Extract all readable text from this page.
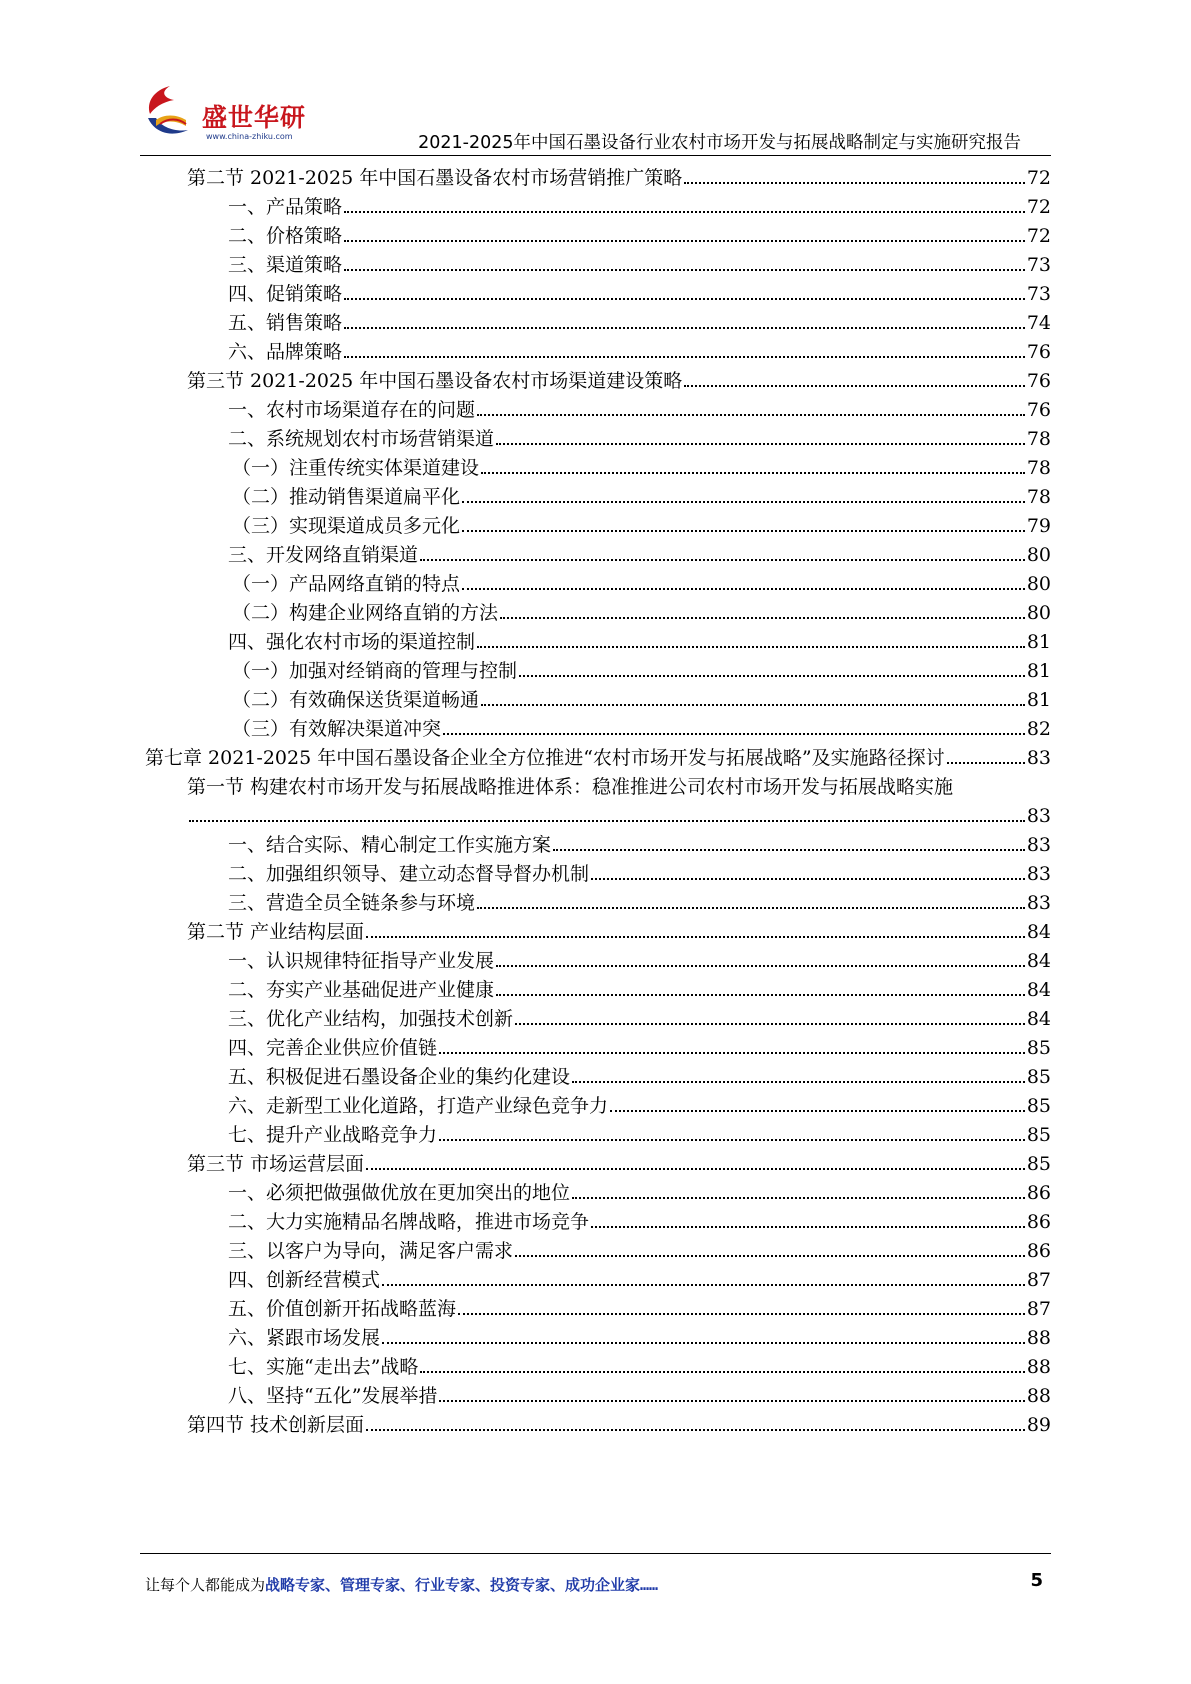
盛世华研
www.china-zhiku.com	2021-2025年中国石墨设备行业农村市场开发与拓展战略制定与实施研究报告
第二节 2021-2025 年中国石墨设备农村市场营销推广策略	72
一、产品策略	72
二、价格策略	72
三、渠道策略	73
四、促销策略	73
五、销售策略	74
六、品牌策略	76
第三节 2021-2025 年中国石墨设备农村市场渠道建设策略	76
一、农村市场渠道存在的问题	76
二、系统规划农村市场营销渠道	78
（一）注重传统实体渠道建设	78
（二）推动销售渠道扁平化	78
（三）实现渠道成员多元化	79
三、开发网络直销渠道	80
（一）产品网络直销的特点	80
（二）构建企业网络直销的方法	80
四、强化农村市场的渠道控制	81
（一）加强对经销商的管理与控制	81
（二）有效确保送货渠道畅通	81
（三）有效解决渠道冲突	82
第七章 2021-2025 年中国石墨设备企业全方位推进“农村市场开发与拓展战略”及实施路径探讨	83
第一节 构建农村市场开发与拓展战略推进体系：稳准推进公司农村市场开发与拓展战略实施
83
一、结合实际、精心制定工作实施方案	83
二、加强组织领导、建立动态督导督办机制	83
三、营造全员全链条参与环境	83
第二节 产业结构层面	84
一、认识规律特征指导产业发展	84
二、夯实产业基础促进产业健康	84
三、优化产业结构，加强技术创新	84
四、完善企业供应价值链	85
五、积极促进石墨设备企业的集约化建设	85
六、走新型工业化道路，打造产业绿色竞争力	85
七、提升产业战略竞争力	85
第三节 市场运营层面	85
一、必须把做强做优放在更加突出的地位	86
二、大力实施精品名牌战略，推进市场竞争	86
三、以客户为导向，满足客户需求	86
四、创新经营模式	87
五、价值创新开拓战略蓝海	87
六、紧跟市场发展	88
七、实施“走出去”战略	88
八、坚持“五化”发展举措	88
第四节 技术创新层面	89
让每个人都能成为战略专家、管理专家、行业专家、投资专家、成功企业家……	5
